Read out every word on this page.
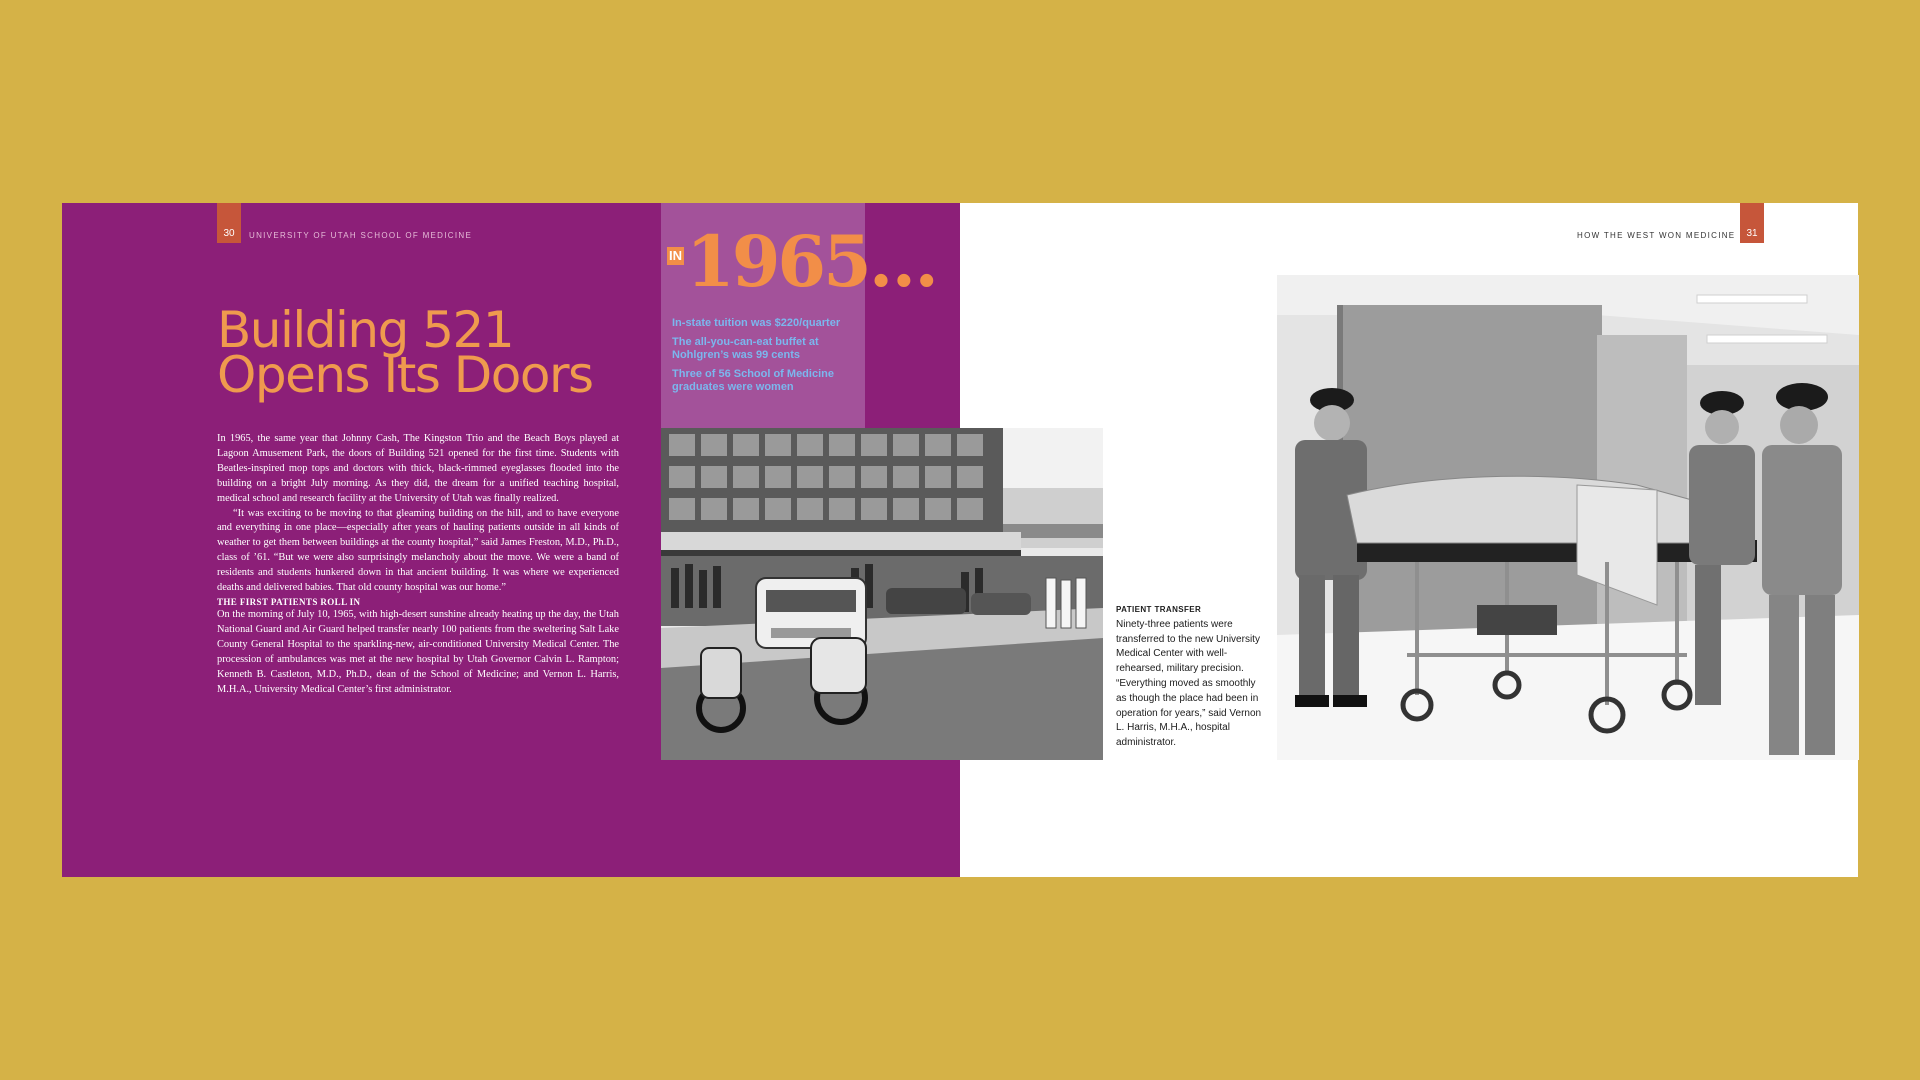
30 UNIVERSITY OF UTAH SCHOOL OF MEDICINE
Building 521
Opens Its Doors

In 1965, the same year that Johnny Cash, The Kingston Trio and the Beach Boys played at Lagoon Amusement Park, the doors of Building 521 opened for the first time. Students with Beatles-inspired mop tops and doctors with thick, black-rimmed eyeglasses flooded into the building on a bright July morning. As they did, the dream for a unified teaching hospital, medical school and research facility at the University of Utah was finally realized.

“It was exciting to be moving to that gleaming building on the hill, and to have everyone and everything in one place—especially after years of hauling patients outside in all kinds of weather to get them between buildings at the county hospital,” said James Freston, M.D., Ph.D., class of ’61. “But we were also surprisingly melancholy about the move. We were a band of residents and students hunkered down in that ancient building. It was where we experienced deaths and delivered babies. That old county hospital was our home.”

THE FIRST PATIENTS ROLL IN

On the morning of July 10, 1965, with high-desert sunshine already heating up the day, the Utah National Guard and Air Guard helped transfer nearly 100 patients from the sweltering Salt Lake County General Hospital to the sparkling-new, air-conditioned University Medical Center. The procession of ambulances was met at the new hospital by Utah Governor Calvin L. Rampton; Kenneth B. Castleton, M.D., Ph.D., dean of the School of Medicine; and Vernon L. Harris, M.H.A., University Medical Center’s first administrator.

IN1965…
In-state tuition was $220/quarter
The all-you-can-eat buffet at Nohlgren’s was 99 cents
Three of 56 School of Medicine graduates were women
HOW THE WEST WON MEDICINE 31
PATIENT TRANSFER
Ninety-three patients were transferred to the new University Medical Center with well-rehearsed, military precision. “Everything moved as smoothly as though the place had been in operation for years,” said Vernon L. Harris, M.H.A., hospital administrator.
